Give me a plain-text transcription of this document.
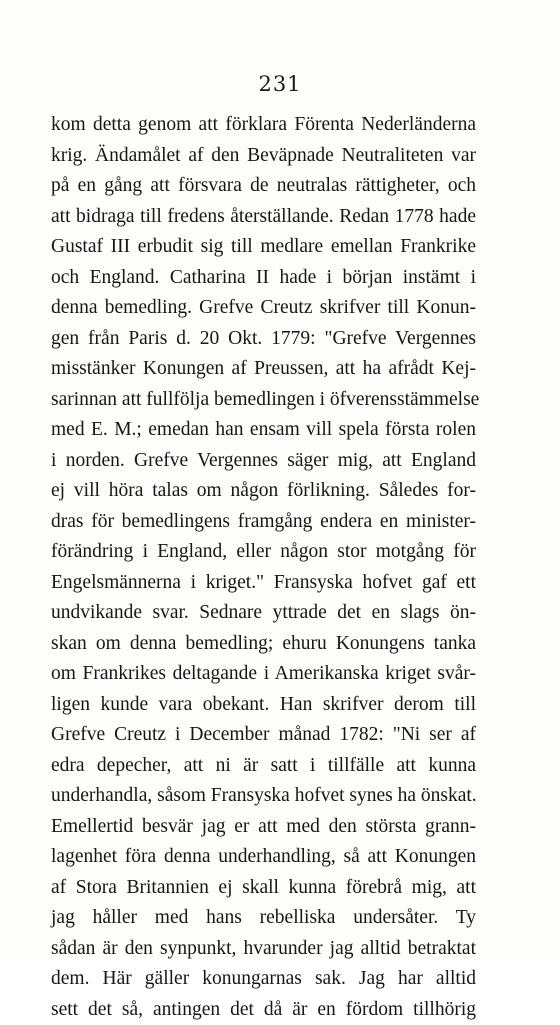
231
kom detta genom att förklara Förenta Nederländerna
krig. Ändamålet af den Beväpnade Neutraliteten var
på en gång att försvara de neutralas rättigheter, och
att bidraga till fredens återställande. Redan 1778 hade
Gustaf III erbudit sig till medlare emellan Frankrike
och England. Catharina II hade i början instämt i
denna bemedling. Grefve Creutz skrifver till Konun-
gen från Paris d. 20 Okt. 1779: "Grefve Vergennes
misstänker Konungen af Preussen, att ha afrådt Kej-
sarinnan att fullfölja bemedlingen i öfverensstämmelse
med E. M.; emedan han ensam vill spela första rolen
i norden. Grefve Vergennes säger mig, att England
ej vill höra talas om någon förlikning. Således for-
dras för bemedlingens framgång endera en minister-
förändring i England, eller någon stor motgång för
Engelsmännerna i kriget." Fransyska hofvet gaf ett
undvikande svar. Sednare yttrade det en slags ön-
skan om denna bemedling; ehuru Konungens tanka
om Frankrikes deltagande i Amerikanska kriget svår-
ligen kunde vara obekant. Han skrifver derom till
Grefve Creutz i December månad 1782: "Ni ser af
edra depecher, att ni är satt i tillfälle att kunna
underhandla, såsom Fransyska hofvet synes ha önskat.
Emellertid besvär jag er att med den största grann-
lagenhet föra denna underhandling, så att Konungen
af Stora Britannien ej skall kunna förebrå mig, att
jag håller med hans rebelliska undersåter. Ty
sådan är den synpunkt, hvarunder jag alltid betraktat
dem. Här gäller konungarnas sak. Jag har alltid
sett det så, antingen det då är en fördom tillhörig
